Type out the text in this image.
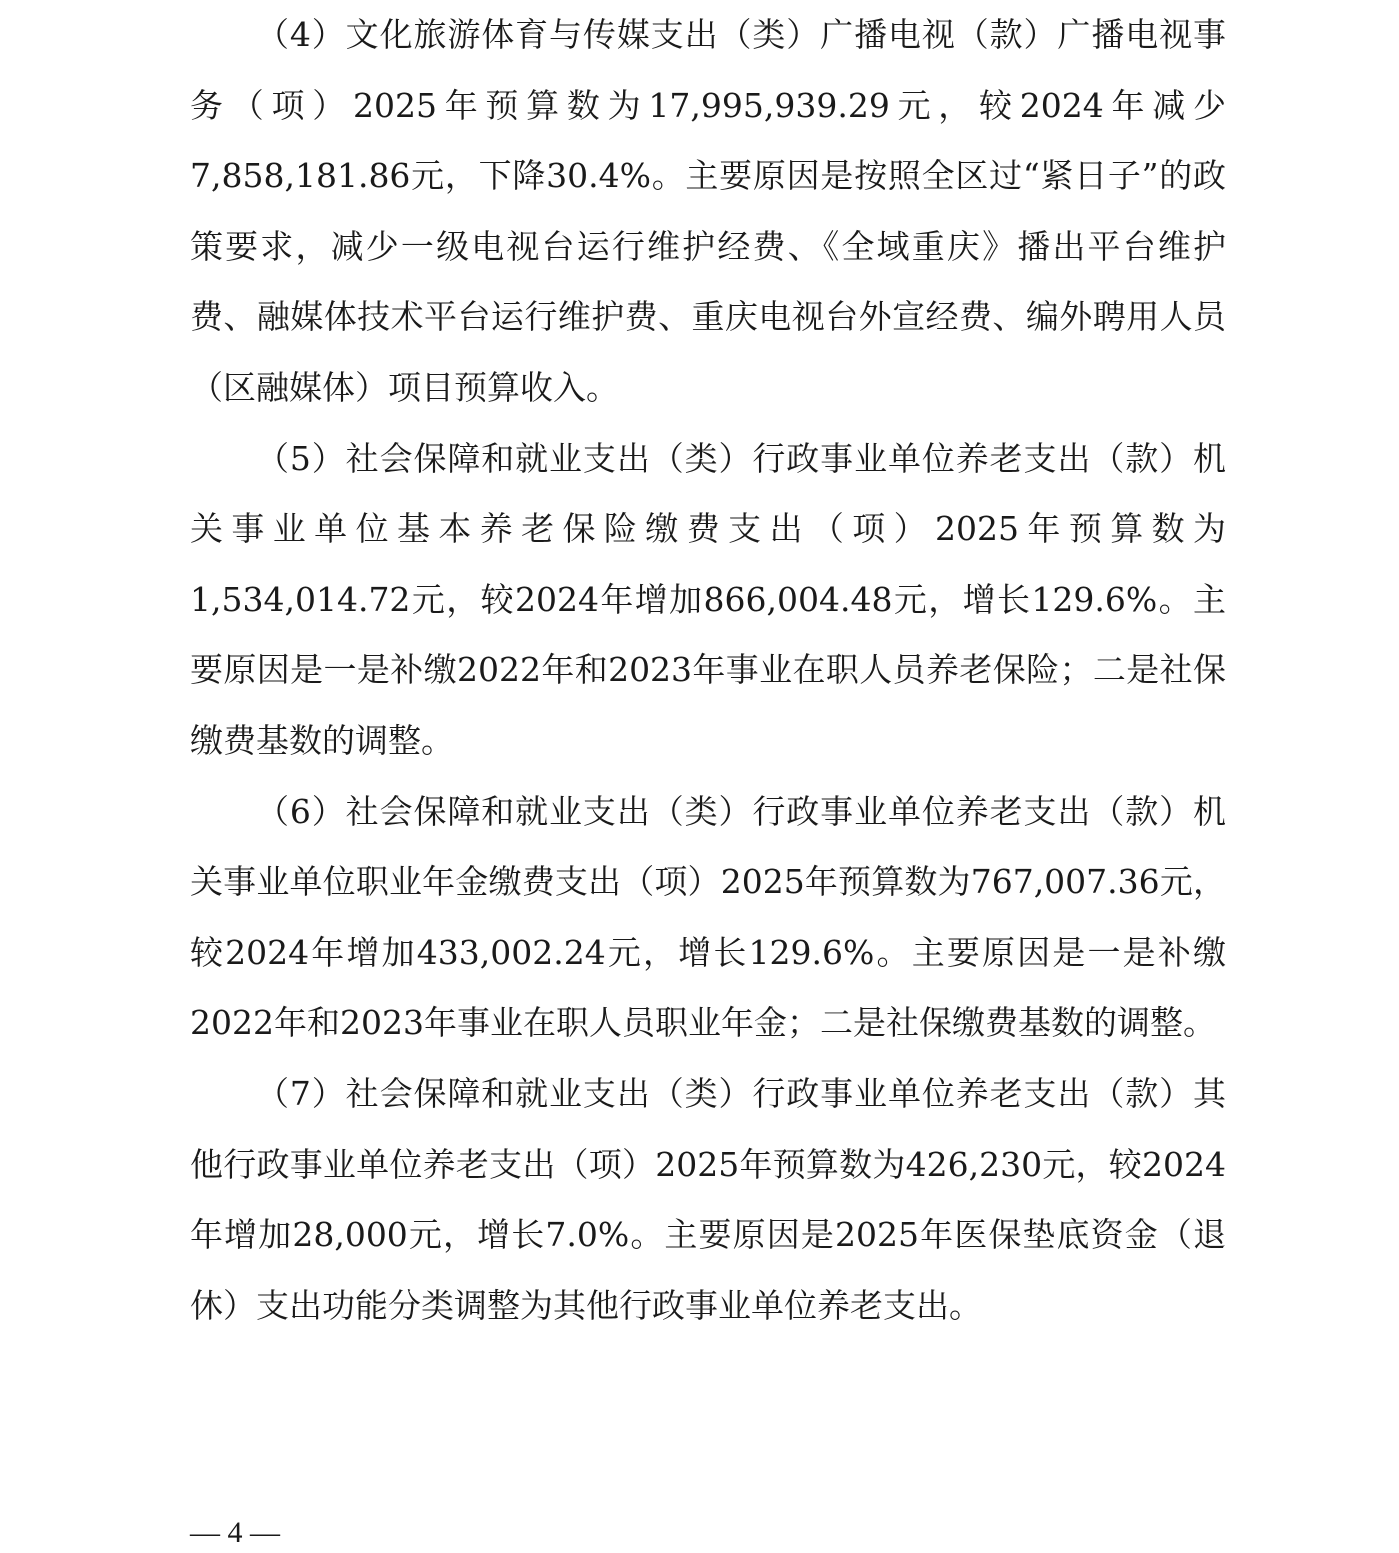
（4）文化旅游体育与传媒支出（类）广播电视（款）广播电视事务（项）2025年预算数为17,995,939.29元，较2024年减少7,858,181.86元，下降30.4%。主要原因是按照全区过“紧日子”的政策要求，减少一级电视台运行维护经费、《全域重庆》播出平台维护费、融媒体技术平台运行维护费、重庆电视台外宣经费、编外聘用人员（区融媒体）项目预算收入。

（5）社会保障和就业支出（类）行政事业单位养老支出（款）机关事业单位基本养老保险缴费支出（项）2025年预算数为1,534,014.72元，较2024年增加866,004.48元，增长129.6%。主要原因是一是补缴2022年和2023年事业在职人员养老保险；二是社保缴费基数的调整。

（6）社会保障和就业支出（类）行政事业单位养老支出（款）机关事业单位职业年金缴费支出（项）2025年预算数为767,007.36元，较2024年增加433,002.24元，增长129.6%。主要原因是一是补缴2022年和2023年事业在职人员职业年金；二是社保缴费基数的调整。

（7）社会保障和就业支出（类）行政事业单位养老支出（款）其他行政事业单位养老支出（项）2025年预算数为426,230元，较2024年增加28,000元，增长7.0%。主要原因是2025年医保垫底资金（退休）支出功能分类调整为其他行政事业单位养老支出。

— 4 —
